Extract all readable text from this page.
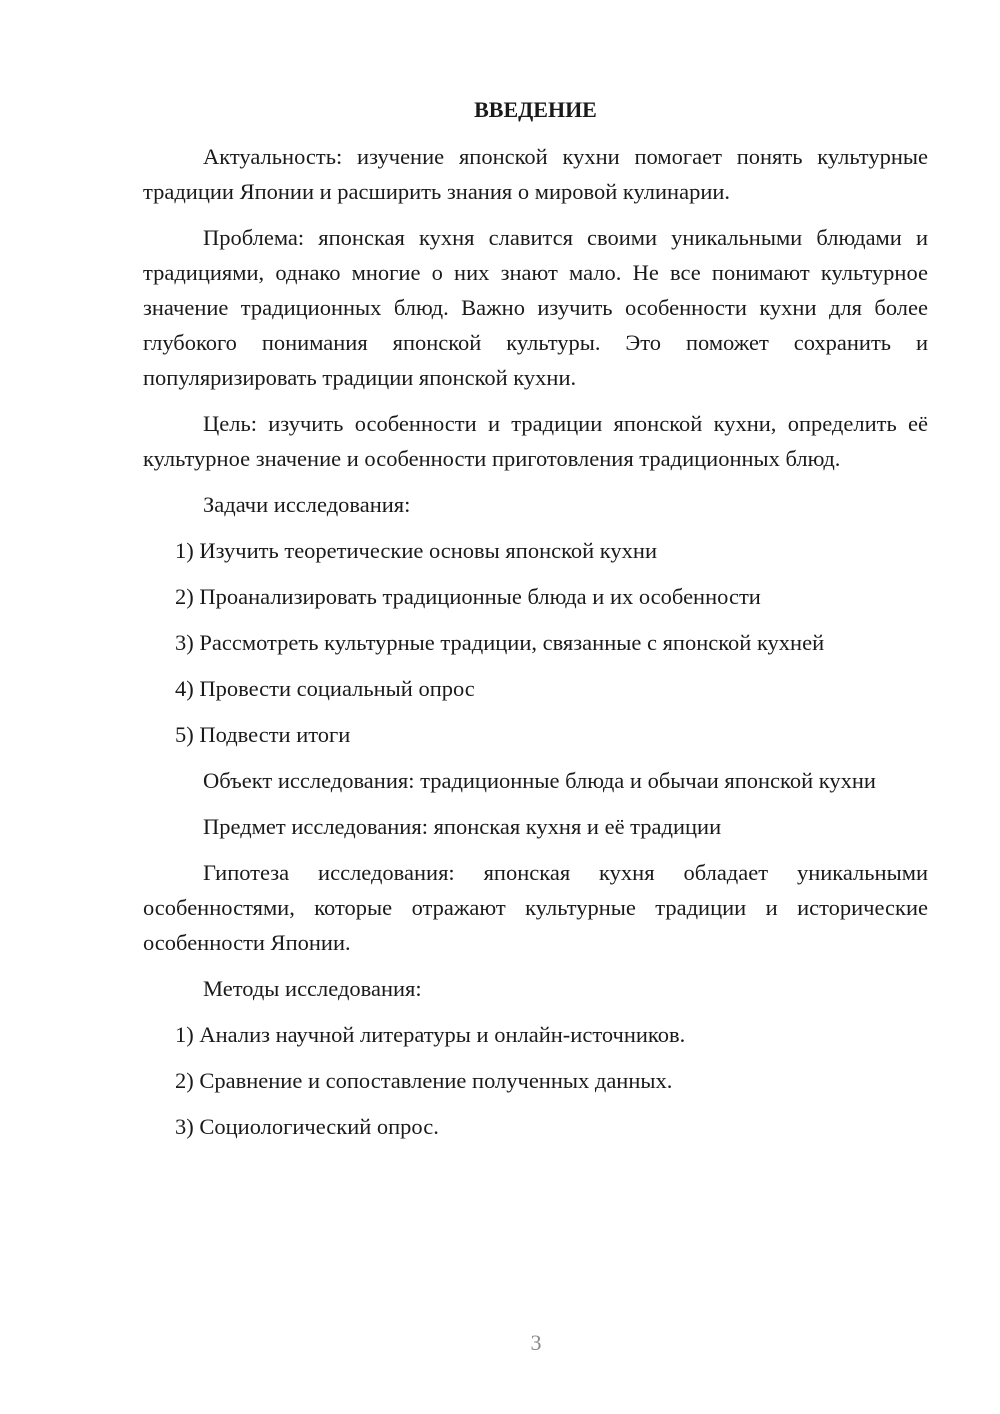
ВВЕДЕНИЕ

Актуальность: изучение японской кухни помогает понять культурные традиции Японии и расширить знания о мировой кулинарии.

Проблема: японская кухня славится своими уникальными блюдами и традициями, однако многие о них знают мало. Не все понимают культурное значение традиционных блюд. Важно изучить особенности кухни для более глубокого понимания японской культуры. Это поможет сохранить и популяризировать традиции японской кухни.

Цель: изучить особенности и традиции японской кухни, определить её культурное значение и особенности приготовления традиционных блюд.

Задачи исследования:

1) Изучить теоретические основы японской кухни
2) Проанализировать традиционные блюда и их особенности
3) Рассмотреть культурные традиции, связанные с японской кухней
4) Провести социальный опрос
5) Подвести итоги

Объект исследования: традиционные блюда и обычаи японской кухни

Предмет исследования: японская кухня и её традиции

Гипотеза исследования: японская кухня обладает уникальными особенностями, которые отражают культурные традиции и исторические особенности Японии.

Методы исследования:

1) Анализ научной литературы и онлайн-источников.
2) Сравнение и сопоставление полученных данных.
3) Социологический опрос.
3
